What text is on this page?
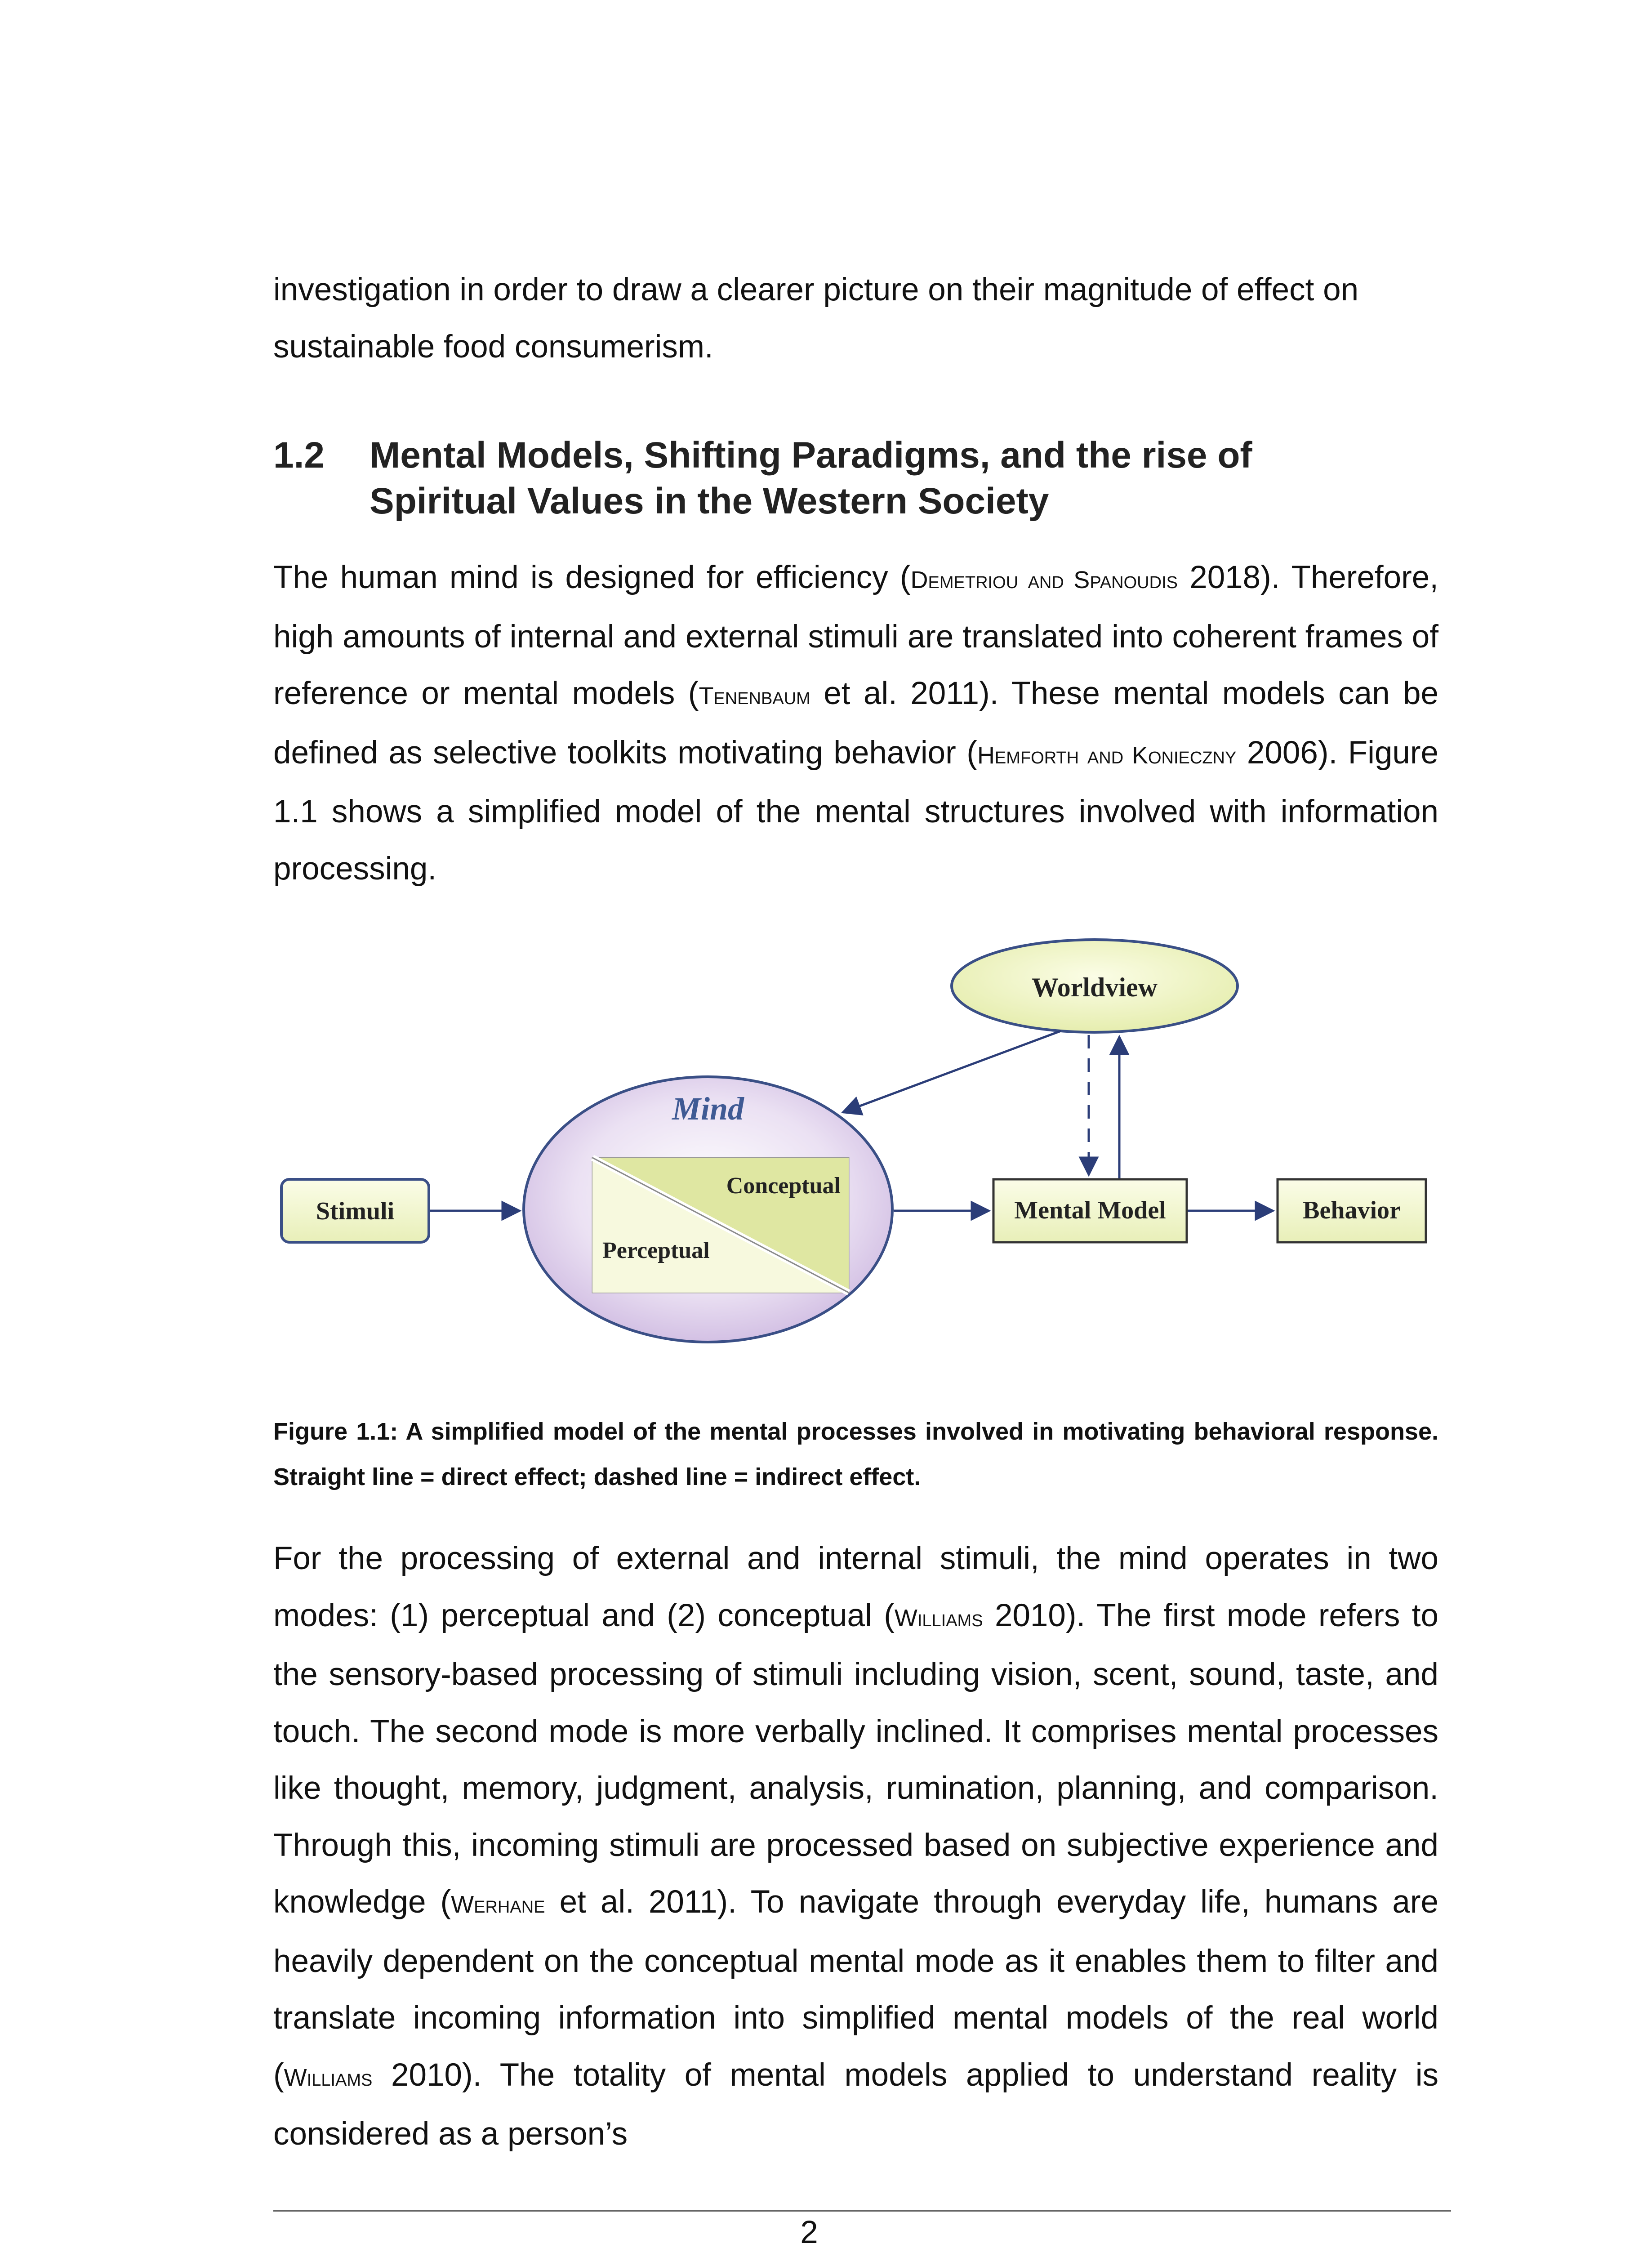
investigation in order to draw a clearer picture on their magnitude of effect on
sustainable food consumerism.

1.2 Mental Models, Shifting Paradigms, and the rise of
Spiritual Values in the Western Society

The human mind is designed for efficiency (Demetriou and Spanoudis 2018). Therefore, high amounts of internal and external stimuli are translated into coherent frames of reference or mental models (Tenenbaum et al. 2011). These mental models can be defined as selective toolkits motivating behavior (Hemforth and Konieczny 2006). Figure 1.1 shows a simplified model of the mental structures involved with information processing.

Worldview
Mind
Conceptual
Perceptual
Stimuli	Mental Model	Behavior

Figure 1.1: A simplified model of the mental processes involved in motivating behavioral response. Straight line = direct effect; dashed line = indirect effect.

For the processing of external and internal stimuli, the mind operates in two modes: (1) perceptual and (2) conceptual (Williams 2010). The first mode refers to the sensory-based processing of stimuli including vision, scent, sound, taste, and touch. The second mode is more verbally inclined. It comprises mental processes like thought, memory, judgment, analysis, rumination, planning, and comparison. Through this, incoming stimuli are processed based on subjective experience and knowledge (Werhane et al. 2011). To navigate through everyday life, humans are heavily dependent on the conceptual mental mode as it enables them to filter and translate incoming information into simplified mental models of the real world (Williams 2010). The totality of mental models applied to understand reality is considered as a person’s

2
